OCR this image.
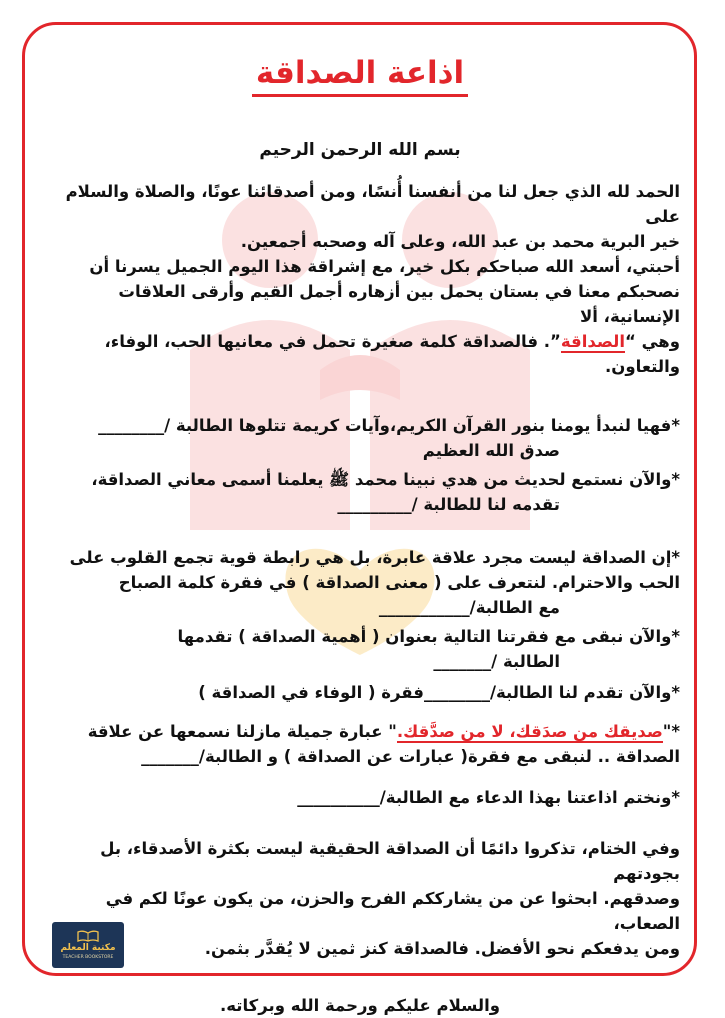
اذاعة الصداقة
بسم الله الرحمن الرحيم

الحمد لله الذي جعل لنا من أنفسنا أُنسًا، ومن أصدقائنا عونًا، والصلاة والسلام على
خير البرية محمد بن عبد الله، وعلى آله وصحبه أجمعين.
أحبتي، أسعد الله صباحكم بكل خير، مع إشراقة هذا اليوم الجميل يسرنا أن
نصحبكم معنا في بستان يحمل بين أزهاره أجمل القيم وأرقى العلاقات الإنسانية، ألا
وهي “الصداقة”. فالصداقة كلمة صغيرة تحمل في معانيها الحب، الوفاء، والتعاون.

*فهيا لنبدأ يومنا بنور القرآن الكريم،وآيات كريمة تتلوها الطالبة /________
صدق الله العظيم

*والآن نستمع لحديث من هدي نبينا محمد ﷺ يعلمنا أسمى معاني الصداقة،
تقدمه لنا للطالبة /_________

*إن الصداقة ليست مجرد علاقة عابرة، بل هي رابطة قوية تجمع القلوب على
الحب والاحترام. لنتعرف على ( معنى الصداقة ) في فقرة كلمة الصباح
مع الطالبة/___________

*والآن نبقى مع فقرتنا التالية بعنوان ( أهمية الصداقة ) تقدمها
الطالبة /_______

*والآن تقدم لنا الطالبة/________فقرة ( الوفاء في الصداقة )

*"صديقك من صدَقك، لا من صدَّقك." عبارة جميلة مازلنا نسمعها عن علاقة
الصداقة .. لنبقى مع فقرة( عبارات عن الصداقة ) و الطالبة/_______

*ونختم اذاعتنا بهذا الدعاء مع الطالبة/__________

وفي الختام، تذكروا دائمًا أن الصداقة الحقيقية ليست بكثرة الأصدقاء، بل بجودتهم
وصدقهم. ابحثوا عن من يشارككم الفرح والحزن، من يكون عونًا لكم في الصعاب،
ومن يدفعكم نحو الأفضل. فالصداقة كنز ثمين لا يُقدَّر بثمن.

والسلام عليكم ورحمة الله وبركاته.

مكتبة المعلم
TEACHER BOOKSTORE
